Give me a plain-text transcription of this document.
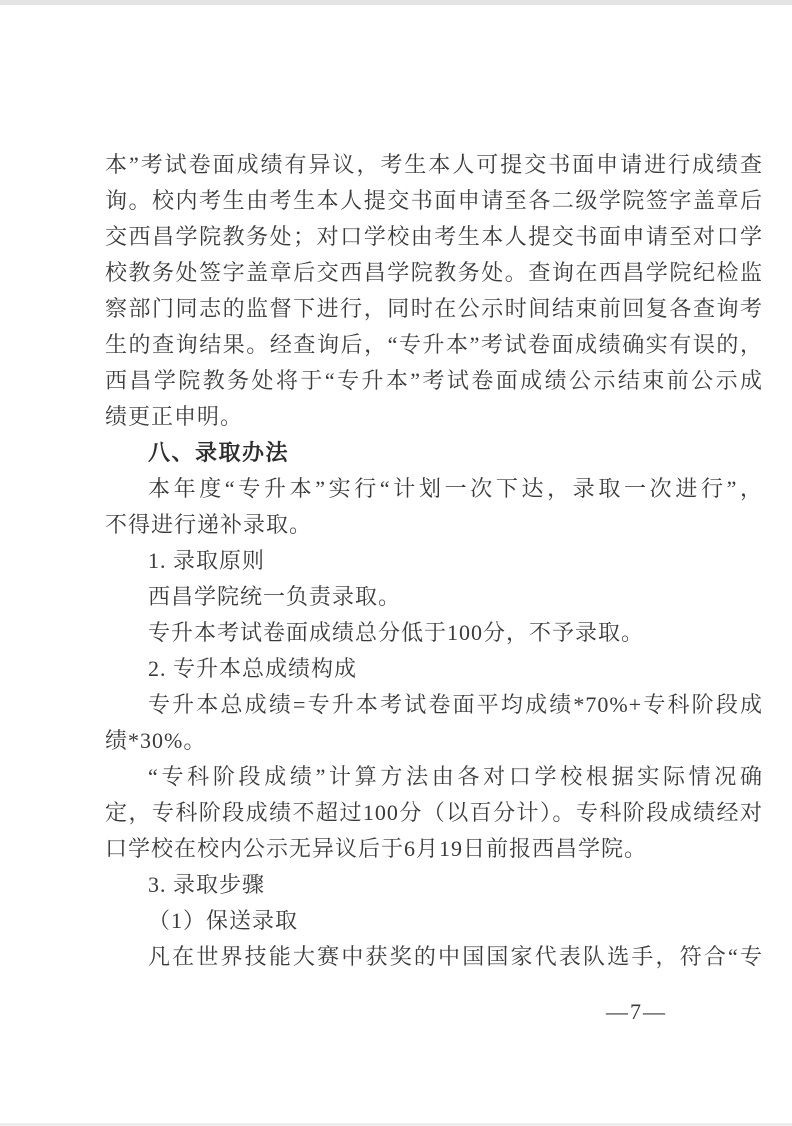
本”考试卷面成绩有异议，考生本人可提交书面申请进行成绩查
询。校内考生由考生本人提交书面申请至各二级学院签字盖章后
交西昌学院教务处；对口学校由考生本人提交书面申请至对口学
校教务处签字盖章后交西昌学院教务处。查询在西昌学院纪检监
察部门同志的监督下进行，同时在公示时间结束前回复各查询考
生的查询结果。经查询后，“专升本”考试卷面成绩确实有误的，
西昌学院教务处将于“专升本”考试卷面成绩公示结束前公示成
绩更正申明。
八、录取办法
本年度“专升本”实行“计划一次下达，录取一次进行”，
不得进行递补录取。
1. 录取原则
西昌学院统一负责录取。
专升本考试卷面成绩总分低于100分，不予录取。
2. 专升本总成绩构成
专升本总成绩=专升本考试卷面平均成绩*70%+专科阶段成
绩*30%。
“专科阶段成绩”计算方法由各对口学校根据实际情况确
定，专科阶段成绩不超过100分（以百分计）。专科阶段成绩经对
口学校在校内公示无异议后于6月19日前报西昌学院。
3. 录取步骤
（1）保送录取
凡在世界技能大赛中获奖的中国国家代表队选手，符合“专
—7—
